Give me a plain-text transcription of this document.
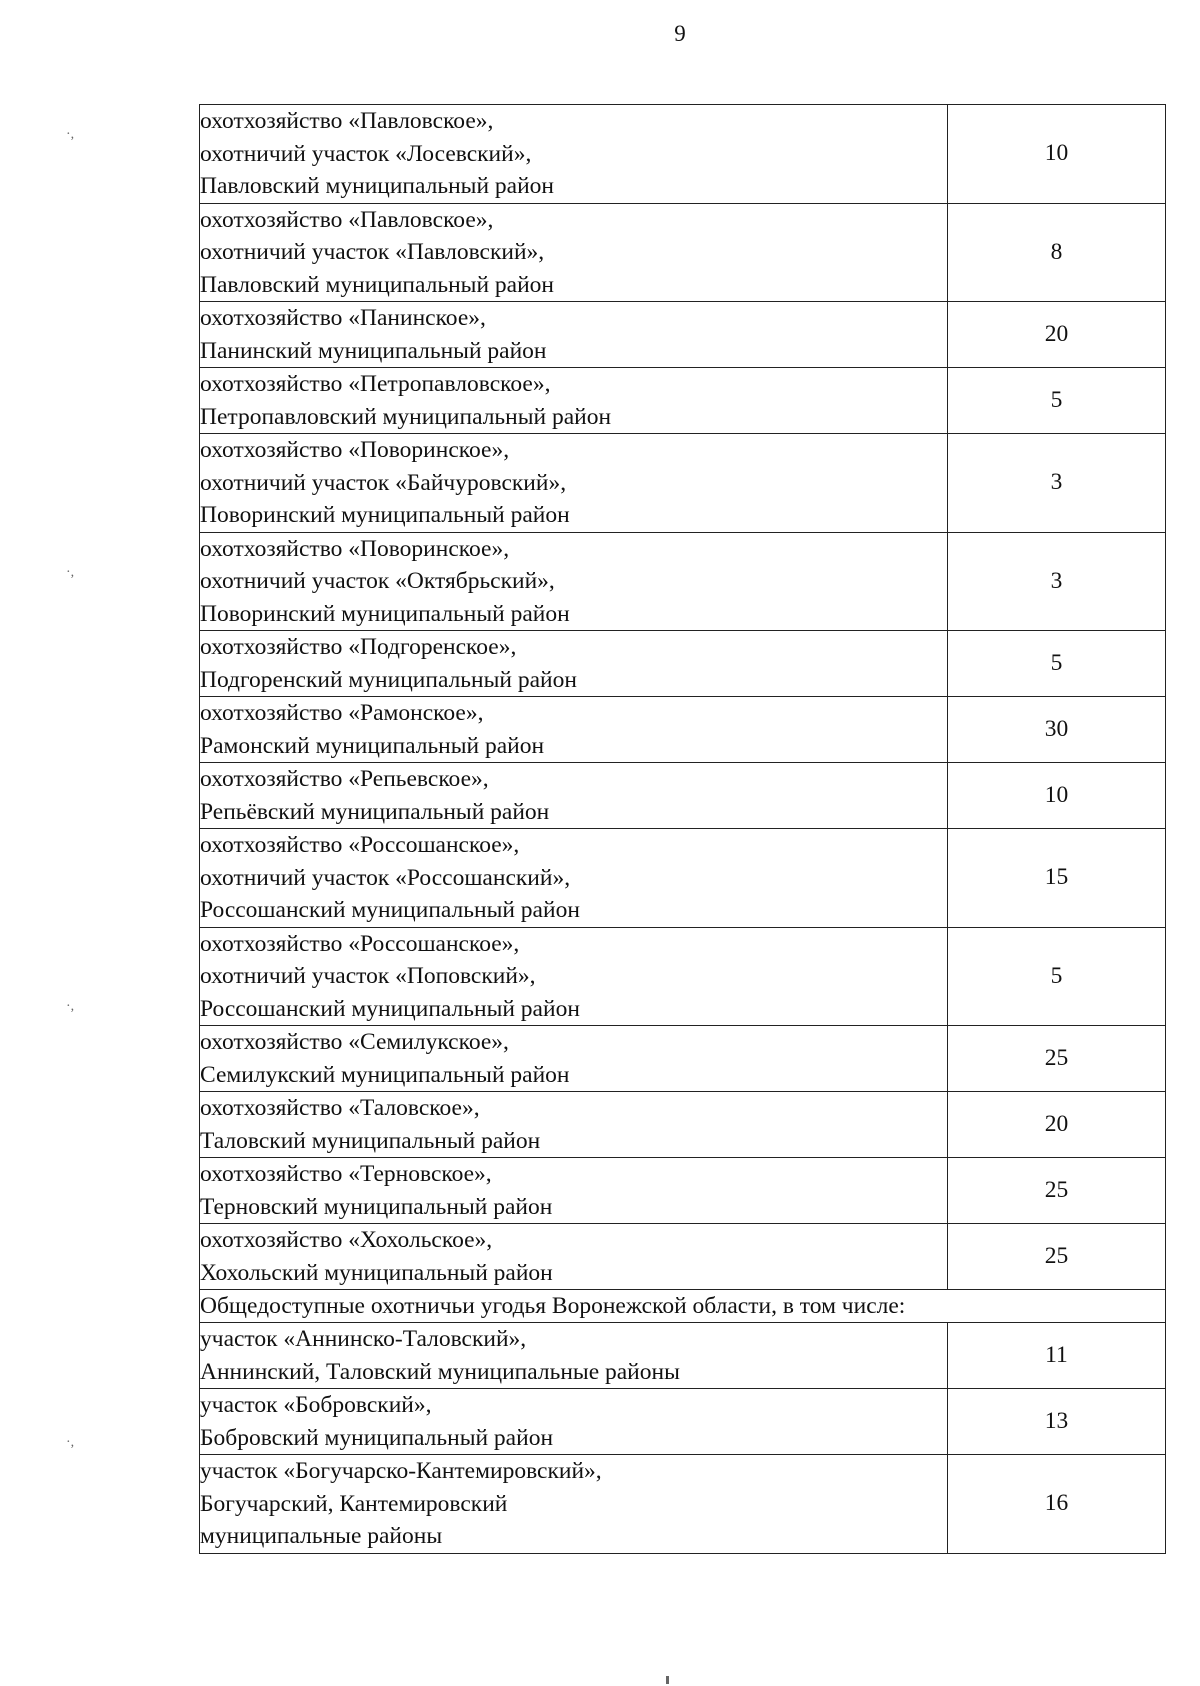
9
·,
·,
·,
·,
охотхозяйство «Павловское»,
охотничий участок «Лосевский»,
Павловский муниципальный район	10

охотхозяйство «Павловское»,
охотничий участок «Павловский»,
Павловский муниципальный район	8

охотхозяйство «Панинское»,
Панинский муниципальный район	20

охотхозяйство «Петропавловское»,
Петропавловский муниципальный район	5

охотхозяйство «Поворинское»,
охотничий участок «Байчуровский»,
Поворинский муниципальный район	3

охотхозяйство «Поворинское»,
охотничий участок «Октябрьский»,
Поворинский муниципальный район	3

охотхозяйство «Подгоренское»,
Подгоренский муниципальный район	5

охотхозяйство «Рамонское»,
Рамонский муниципальный район	30

охотхозяйство «Репьевское»,
Репьёвский муниципальный район	10

охотхозяйство «Россошанское»,
охотничий участок «Россошанский»,
Россошанский муниципальный район	15

охотхозяйство «Россошанское»,
охотничий участок «Поповский»,
Россошанский муниципальный район	5

охотхозяйство «Семилукское»,
Семилукский муниципальный район	25

охотхозяйство «Таловское»,
Таловский муниципальный район	20

охотхозяйство «Терновское»,
Терновский муниципальный район	25

охотхозяйство «Хохольское»,
Хохольский муниципальный район	25
Общедоступные охотничьи угодья Воронежской области, в том числе:	

участок «Аннинско-Таловский»,
Аннинский, Таловский муниципальные районы	11

участок «Бобровский»,
Бобровский муниципальный район	13

участок «Богучарско-Кантемировский»,
Богучарский, Кантемировский
муниципальные районы	16
